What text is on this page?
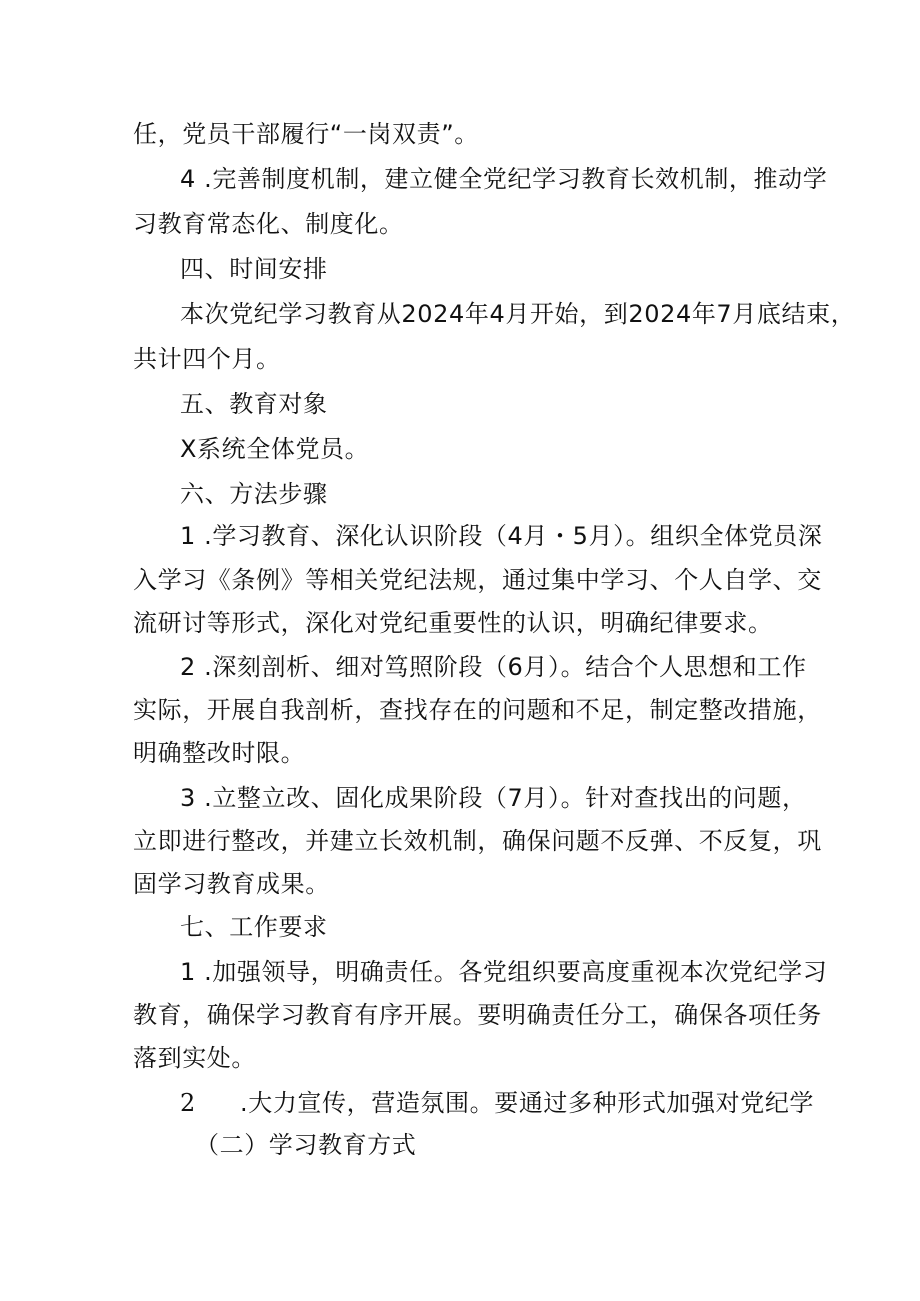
任，党员干部履行“一岗双责”。
4 .完善制度机制，建立健全党纪学习教育长效机制，推动学
习教育常态化、制度化。
四、时间安排
本次党纪学习教育从2024年4月开始，到2024年7月底结束，
共计四个月。
五、教育对象
X系统全体党员。
六、方法步骤
1 .学习教育、深化认识阶段（4月・5月）。组织全体党员深
入学习《条例》等相关党纪法规，通过集中学习、个人自学、交
流研讨等形式，深化对党纪重要性的认识，明确纪律要求。
2 .深刻剖析、细对笃照阶段（6月）。结合个人思想和工作
实际，开展自我剖析，查找存在的问题和不足，制定整改措施，
明确整改时限。
3 .立整立改、固化成果阶段（7月）。针对查找出的问题，
立即进行整改，并建立长效机制，确保问题不反弹、不反复，巩
固学习教育成果。
七、工作要求
1 .加强领导，明确责任。各党组织要高度重视本次党纪学习
教育，确保学习教育有序开展。要明确责任分工，确保各项任务
落到实处。
2 .大力宣传，营造氛围。要通过多种形式加强对党纪学
（二）学习教育方式
